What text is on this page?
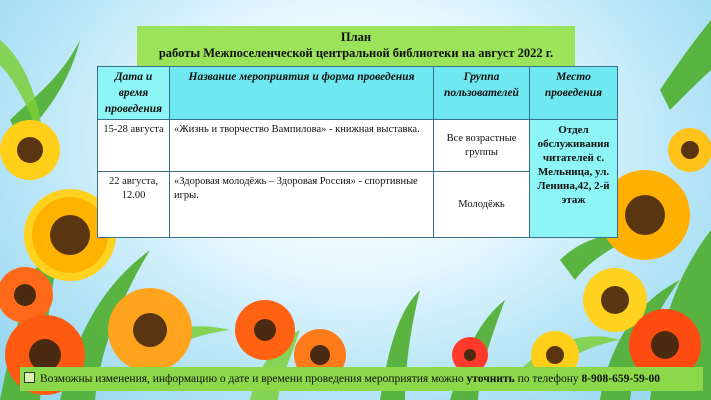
План
работы Межпоселенческой центральной библиотеки на август 2022 г.
Дата и время проведения	Название мероприятия и форма проведения	Группа пользователей	Место проведения
15-28 августа	«Жизнь и творчество Вампилова» - книжная выставка.	Все возрастные группы	Отдел обслуживания читателей с. Мельница, ул. Ленина,42, 2-й этаж
22 августа, 12.00	«Здоровая молодёжь – Здоровая Россия» - спортивные игры.	Молодёжь	
Возможны изменения, информацию о дате и времени проведения мероприятия можно уточнить по телефону 8-908-659-59-00
